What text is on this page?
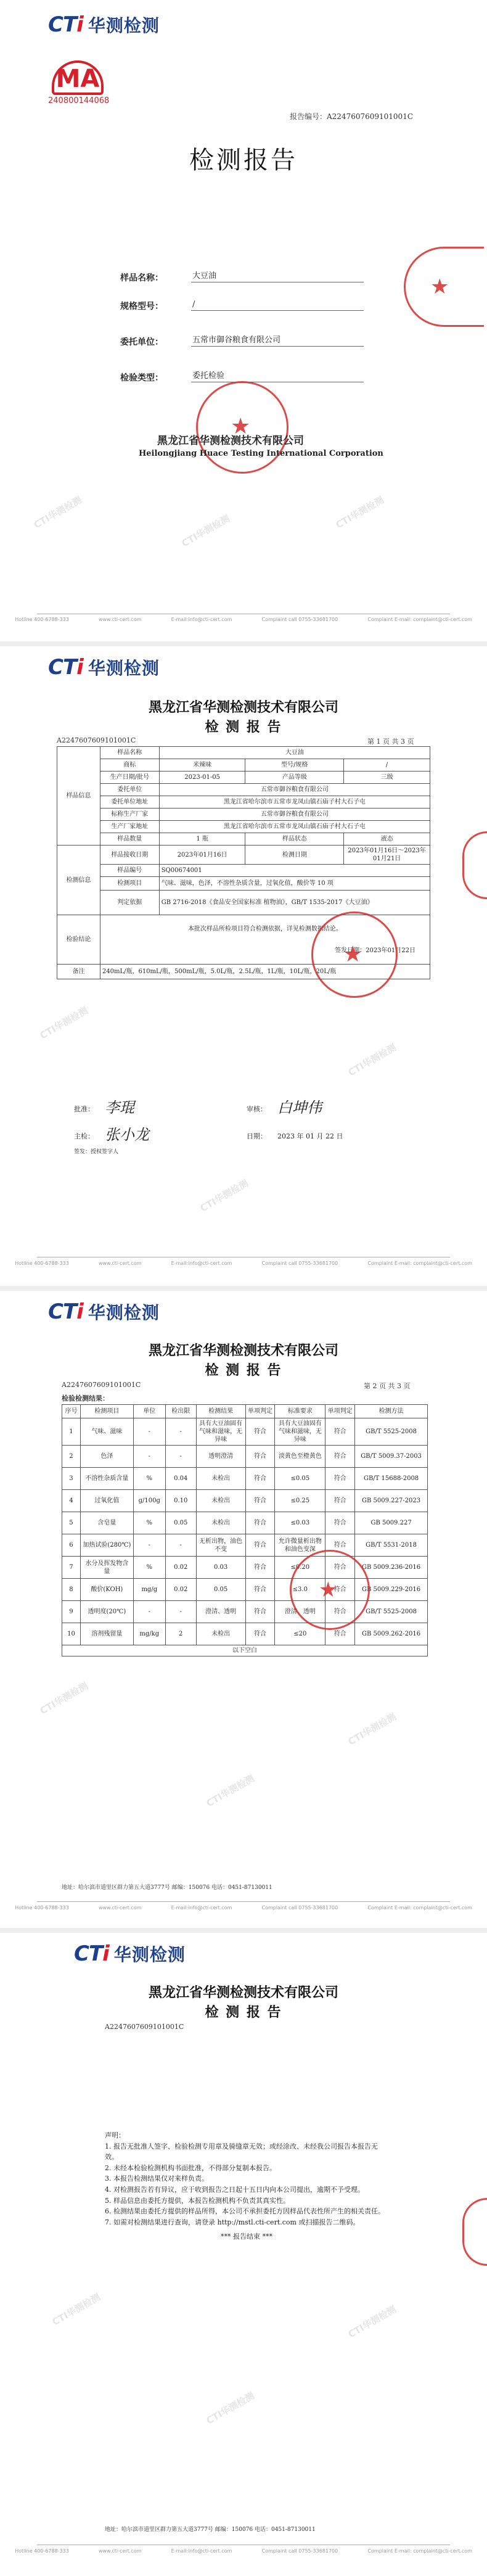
CTi 华测检测
MA
240800144068
报告编号：A2247607609101001C
检测报告
样品名称：	大豆油
规格型号：	/
委托单位：	五常市御谷粮食有限公司
检验类型：	委托检验
★
★
黑龙江省华测检测技术有限公司
Heilongjiang Huace Testing International Corporation
CTI华测检测
CTI华测检测
CTI华测检测
Hotline 400-6788-333	www.cti-cert.com	E-mail:info@cti-cert.com	Complaint call 0755-33681700	Complaint E-mail: complaint@cti-cert.com
CTi 华测检测
黑龙江省华测检测技术有限公司
检 测 报 告
A2247607609101001C	第 1 页 共 3 页
样品信息	样品名称	大豆油		
	商标	米辣味	型号/规格	/
	生产日期/批号	2023-01-05	产品等级	三级
	委托单位	五常市御谷粮食有限公司		
	委托单位地址	黑龙江省哈尔滨市五常市龙凤山镇石庙子村大石子屯		
	标称生产厂家	五常市御谷粮食有限公司		
	生产厂家地址	黑龙江省哈尔滨市五常市龙凤山镇石庙子村大石子屯		
	样品数量	1 瓶	样品状态	液态
检测信息	样品接收日期	2023年01月16日	检测日期	2023年01月16日～2023年01月21日
	样品编号	SQ00674001		
	检测项目	气味、滋味，色泽，不溶性杂质含量，过氧化值，酸价等 10 项		
	判定依据	GB 2716-2018《食品安全国家标准 植物油》，GB/T 1535-2017《大豆油》		
检验结论	本批次样品所检项目符合检测依据，详见检测数据结论。
签发日期：2023年01月22日			

备注	240mL/瓶，610mL/瓶，500mL/瓶，5.0L/瓶，2.5L/瓶，1L/瓶，10L/瓶，20L/瓶			
★
批准： 李琨	审核： 白坤伟
主检： 张小龙	日期： 2023 年 01 月 22 日
签发：授权签字人
CTI华测检测
CTI华测检测
CTI华测检测
Hotline 400-6788-333	www.cti-cert.com	E-mail:info@cti-cert.com	Complaint call 0755-33681700	Complaint E-mail: complaint@cti-cert.com
CTi 华测检测
黑龙江省华测检测技术有限公司
检 测 报 告
A2247607609101001C	第 2 页 共 3 页
检验检测结果：
序号	检测项目	单位	检出限	检测结果	单项判定	标准要求	单项判定	检测方法
1	气味、滋味	-	-	具有大豆油固有气味和滋味，无异味	符合	具有大豆油固有气味和滋味，无异味	符合	GB/T 5525-2008
2	色泽	-	-	透明澄清	符合	淡黄色至橙黄色	符合	GB/T 5009.37-2003
3	不溶性杂质含量	%	0.04	未检出	符合	≤0.05	符合	GB/T 15688-2008
4	过氧化值	g/100g	0.10	未检出	符合	≤0.25	符合	GB 5009.227-2023
5	含皂量	%	0.05	未检出	符合	≤0.03	符合	GB 5009.227
6	加热试验(280℃)	-	-	无析出物，油色不变	符合	允许微量析出物和油色变深	符合	GB/T 5531-2018
7	水分及挥发物含量	%	0.02	0.03	符合	≤0.20	符合	GB 5009.236-2016
8	酸价(KOH)	mg/g	0.02	0.05	符合	≤3.0	符合	GB 5009.229-2016
9	透明度(20℃)	-	-	澄清、透明	符合	澄清、透明	符合	GB/T 5525-2008
10	溶剂残留量	mg/kg	2	未检出	符合	≤20	符合	GB 5009.262-2016
以下空白								
★
CTI华测检测
CTI华测检测
CTI华测检测
地址：哈尔滨市道里区群力第五大道3777号 邮编：150076 电话：0451-87130011
Hotline 400-6788-333	www.cti-cert.com	E-mail:info@cti-cert.com	Complaint call 0755-33681700	Complaint E-mail: complaint@cti-cert.com
CTi 华测检测
黑龙江省华测检测技术有限公司
检 测 报 告
A2247607609101001C
声明：
1. 报告无批准人签字、检验检测专用章及骑缝章无效；或经涂改、未经我公司报告本报告无效。
2. 未经本检验检测机构书面批准，不得部分复制本报告。
3. 本报告检测结果仅对来样负责。
4. 对检测报告若有异议，应于收到报告之日起十五日内向本公司提出，逾期不予受理。
5. 样品信息由委托方提供，本报告检测机构不负责其真实性。
6. 检测结果由委托方提供的样品所得，本公司不承担委托方因样品代表性所产生的相关责任。
7. 如需对检测结果进行查询，请登录 http://mstl.cti-cert.com 或扫描报告二维码。
*** 报告结束 ***
CTI华测检测
CTI华测检测
CTI华测检测
地址：哈尔滨市道里区群力第五大道3777号 邮编：150076 电话：0451-87130011
Hotline 400-6788-333	www.cti-cert.com	E-mail:info@cti-cert.com	Complaint call 0755-33681700	Complaint E-mail: complaint@cti-cert.com
